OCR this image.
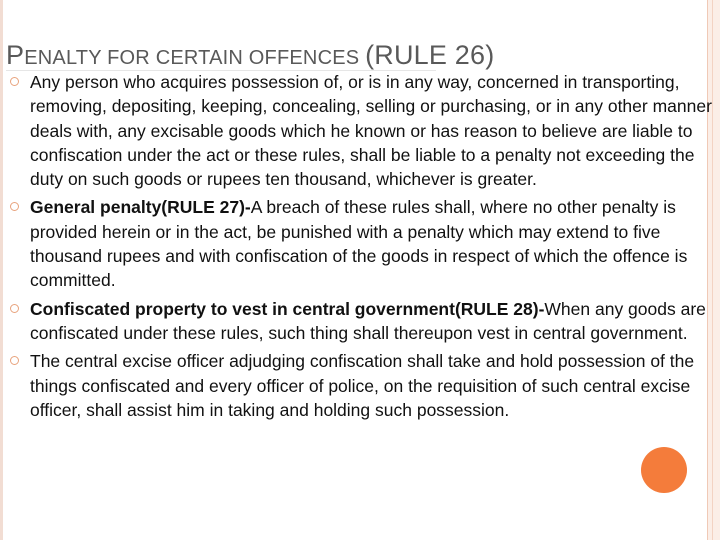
PENALTY FOR CERTAIN OFFENCES (RULE 26)
Any person who acquires possession of, or is in any way, concerned in transporting, removing, depositing, keeping, concealing, selling or purchasing, or in any other manner deals with, any excisable goods which he known or has reason to believe are liable to confiscation under the act or these rules, shall be liable to a penalty not exceeding the duty on such goods or rupees ten thousand, whichever is greater.
General penalty(RULE 27)-A breach of these rules shall, where no other penalty is provided herein or in the act, be punished with a penalty which may extend to five thousand rupees and with confiscation of the goods in respect of which the offence is committed.
Confiscated property to vest in central government(RULE 28)-When any goods are confiscated under these rules, such thing shall thereupon vest in central government.
The central excise officer adjudging confiscation shall take and hold possession of the things confiscated and every officer of police, on the requisition of such central excise officer, shall assist him in taking and holding such possession.
